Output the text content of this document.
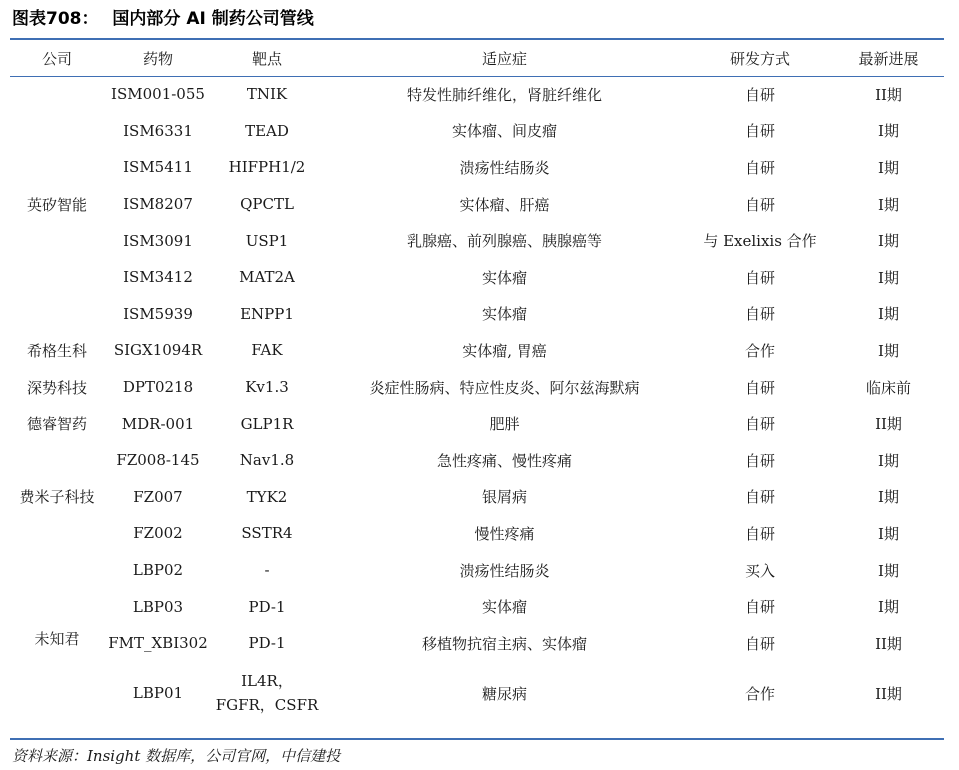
图表708： 国内部分 AI 制药公司管线
公司	药物	靶点	适应症	研发方式	最新进展
英矽智能	ISM001-055	TNIK	特发性肺纤维化，肾脏纤维化	自研	II期
	ISM6331	TEAD	实体瘤、间皮瘤	自研	I期
	ISM5411	HIFPH1/2	溃疡性结肠炎	自研	I期
	ISM8207	QPCTL	实体瘤、肝癌	自研	I期
	ISM3091	USP1	乳腺癌、前列腺癌、胰腺癌等	与 Exelixis 合作	I期
	ISM3412	MAT2A	实体瘤	自研	I期
	ISM5939	ENPP1	实体瘤	自研	I期
希格生科	SIGX1094R	FAK	实体瘤, 胃癌	合作	I期
深势科技	DPT0218	Kv1.3	炎症性肠病、特应性皮炎、阿尔兹海默病	自研	临床前
德睿智药	MDR-001	GLP1R	肥胖	自研	II期
费米子科技	FZ008-145	Nav1.8	急性疼痛、慢性疼痛	自研	I期
	FZ007	TYK2	银屑病	自研	I期
	FZ002	SSTR4	慢性疼痛	自研	I期
未知君	LBP02	-	溃疡性结肠炎	买入	I期
	LBP03	PD-1	实体瘤	自研	I期
	FMT_XBI302	PD-1	移植物抗宿主病、实体瘤	自研	II期
	LBP01	IL4R，
FGFR，CSFR	糖尿病	合作	II期
资料来源：Insight 数据库，公司官网，中信建投
